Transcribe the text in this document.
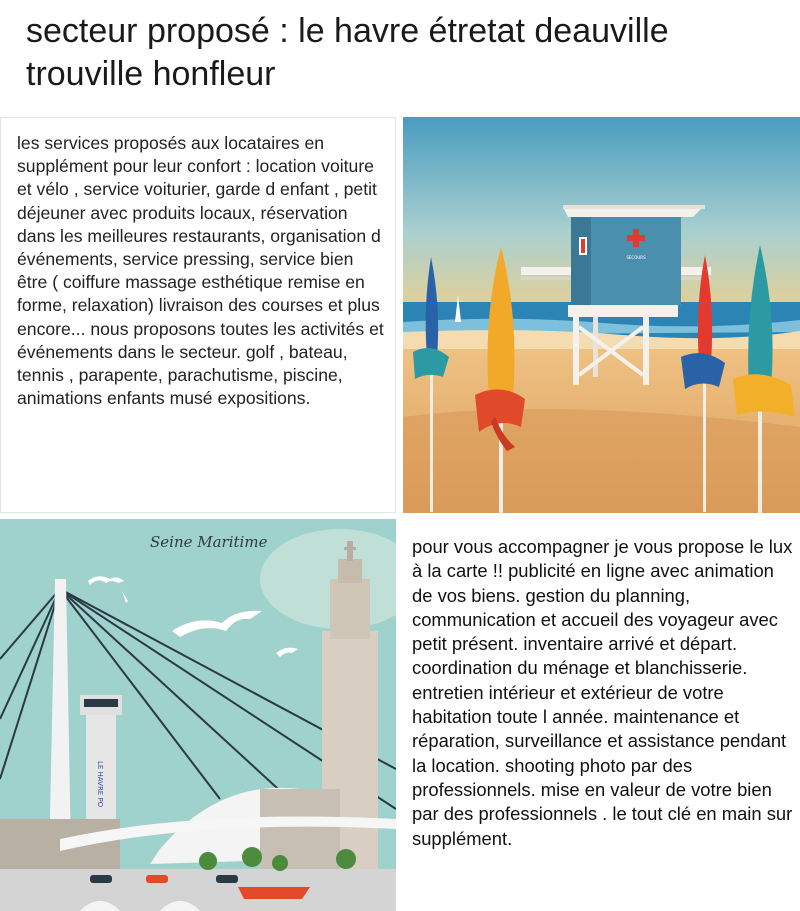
secteur proposé : le havre étretat deauville trouville honfleur

les services proposés aux locataires en supplément pour leur confort : location voiture et vélo , service voiturier, garde d enfant , petit déjeuner avec produits locaux, réservation dans les meilleures restaurants, organisation d événements, service pressing, service bien être ( coiffure massage esthétique remise en forme, relaxation) livraison des courses et plus encore... nous proposons toutes les activités et événements dans le secteur. golf , bateau, tennis , parapente, parachutisme, piscine, animations enfants musé expositions.

SECOURS
Seine Maritime
LE HAVRE PO

pour vous accompagner je vous propose le lux à la carte !! publicité en ligne avec animation de vos biens. gestion du planning, communication et accueil des voyageur avec petit présent. inventaire arrivé et départ. coordination du ménage et blanchisserie. entretien intérieur et extérieur de votre habitation toute l année. maintenance et réparation, surveillance et assistance pendant la location. shooting photo par des professionnels. mise en valeur de votre bien par des professionnels . le tout clé en main sur supplément.
